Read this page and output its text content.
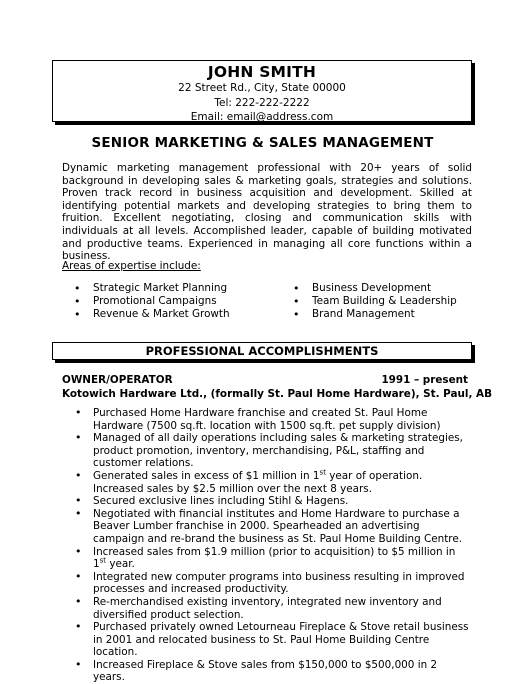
JOHN SMITH
22 Street Rd., City, State 00000
Tel: 222-222-2222
Email: email@address.com
SENIOR MARKETING & SALES MANAGEMENT
Dynamic marketing management professional with 20+ years of solid background in developing sales & marketing goals, strategies and solutions. Proven track record in business acquisition and development. Skilled at identifying potential markets and developing strategies to bring them to fruition. Excellent negotiating, closing and communication skills with individuals at all levels. Accomplished leader, capable of building motivated and productive teams. Experienced in managing all core functions within a business.
Areas of expertise include:
• Strategic Market Planning
• Promotional Campaigns
• Revenue & Market Growth
• Business Development
• Team Building & Leadership
• Brand Management
PROFESSIONAL ACCOMPLISHMENTS
OWNER/OPERATOR	1991 – present
Kotowich Hardware Ltd., (formally St. Paul Home Hardware), St. Paul, AB
• Purchased Home Hardware franchise and created St. Paul Home Hardware (7500 sq.ft. location with 1500 sq.ft. pet supply division)
• Managed of all daily operations including sales & marketing strategies, product promotion, inventory, merchandising, P&L, staffing and customer relations.
• Generated sales in excess of $1 million in 1st year of operation. Increased sales by $2.5 million over the next 8 years.
• Secured exclusive lines including Stihl & Hagens.
• Negotiated with financial institutes and Home Hardware to purchase a Beaver Lumber franchise in 2000. Spearheaded an advertising campaign and re-brand the business as St. Paul Home Building Centre.
• Increased sales from $1.9 million (prior to acquisition) to $5 million in 1st year.
• Integrated new computer programs into business resulting in improved processes and increased productivity.
• Re-merchandised existing inventory, integrated new inventory and diversified product selection.
• Purchased privately owned Letourneau Fireplace & Stove retail business in 2001 and relocated business to St. Paul Home Building Centre location.
• Increased Fireplace & Stove sales from $150,000 to $500,000 in 2 years.
